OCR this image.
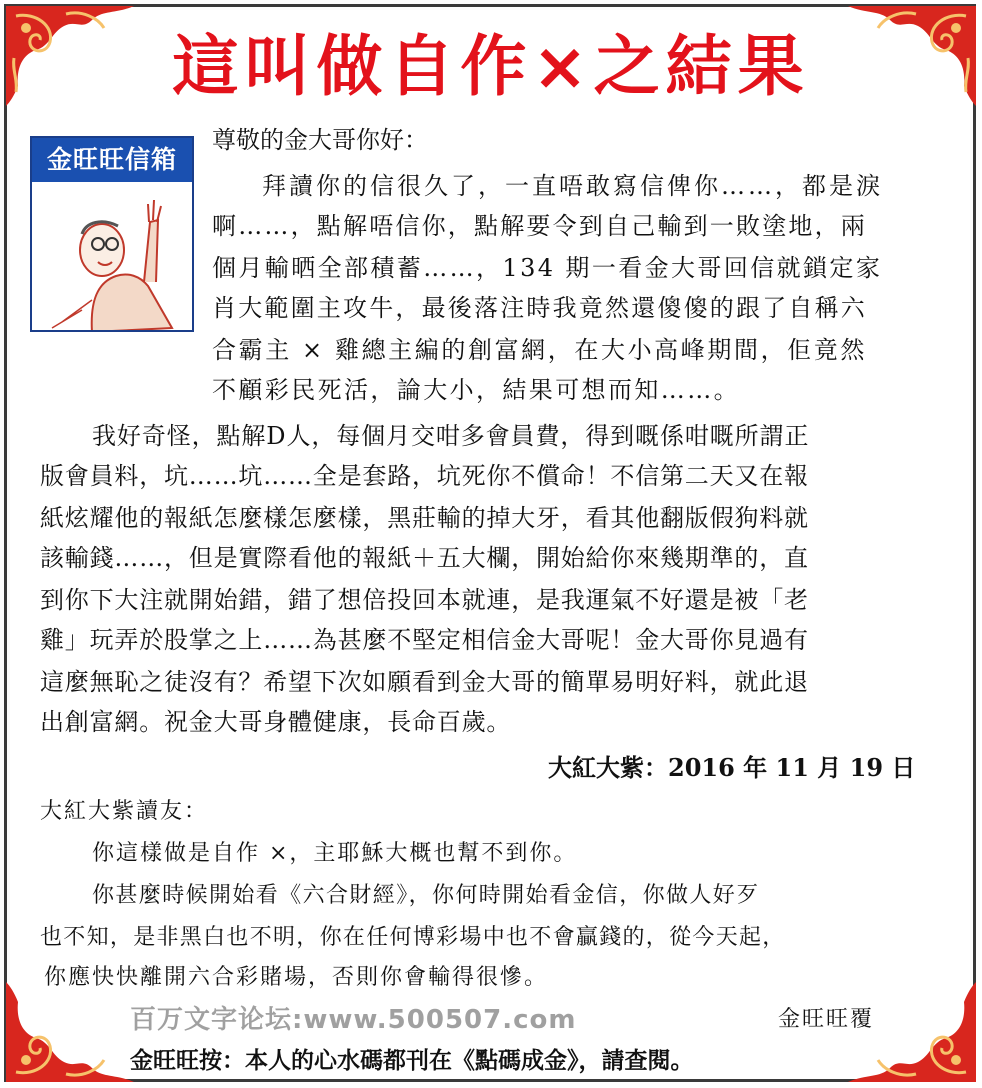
這叫做自作×之結果
金旺旺信箱
尊敬的金大哥你好：
拜讀你的信很久了，一直唔敢寫信俾你……，都是淚
啊……，點解唔信你，點解要令到自己輸到一敗塗地，兩
個月輸晒全部積蓄……，134 期一看金大哥回信就鎖定家
肖大範圍主攻牛，最後落注時我竟然還傻傻的跟了自稱六
合霸主 × 雞總主編的創富網，在大小高峰期間，佢竟然
不顧彩民死活，論大小，結果可想而知……。
我好奇怪，點解D人，每個月交咁多會員費，得到嘅係咁嘅所謂正
版會員料，坑……坑……全是套路，坑死你不償命！不信第二天又在報
紙炫耀他的報紙怎麼樣怎麼樣，黑莊輸的掉大牙，看其他翻版假狗料就
該輸錢……，但是實際看他的報紙＋五大欄，開始給你來幾期準的，直
到你下大注就開始錯，錯了想倍投回本就連，是我運氣不好還是被「老
雞」玩弄於股掌之上……為甚麼不堅定相信金大哥呢！金大哥你見過有
這麼無恥之徒沒有？希望下次如願看到金大哥的簡單易明好料，就此退
出創富網。祝金大哥身體健康，長命百歲。
大紅大紫：2016 年 11 月 19 日
大紅大紫讀友：
你這樣做是自作 ×，主耶穌大概也幫不到你。
你甚麼時候開始看《六合財經》，你何時開始看金信，你做人好歹
也不知，是非黑白也不明，你在任何博彩場中也不會贏錢的，從今天起，
你應快快離開六合彩賭場，否則你會輸得很慘。
百万文字论坛:www.500507.com	金旺旺覆
金旺旺按：本人的心水碼都刊在《點碼成金》，請查閱。
